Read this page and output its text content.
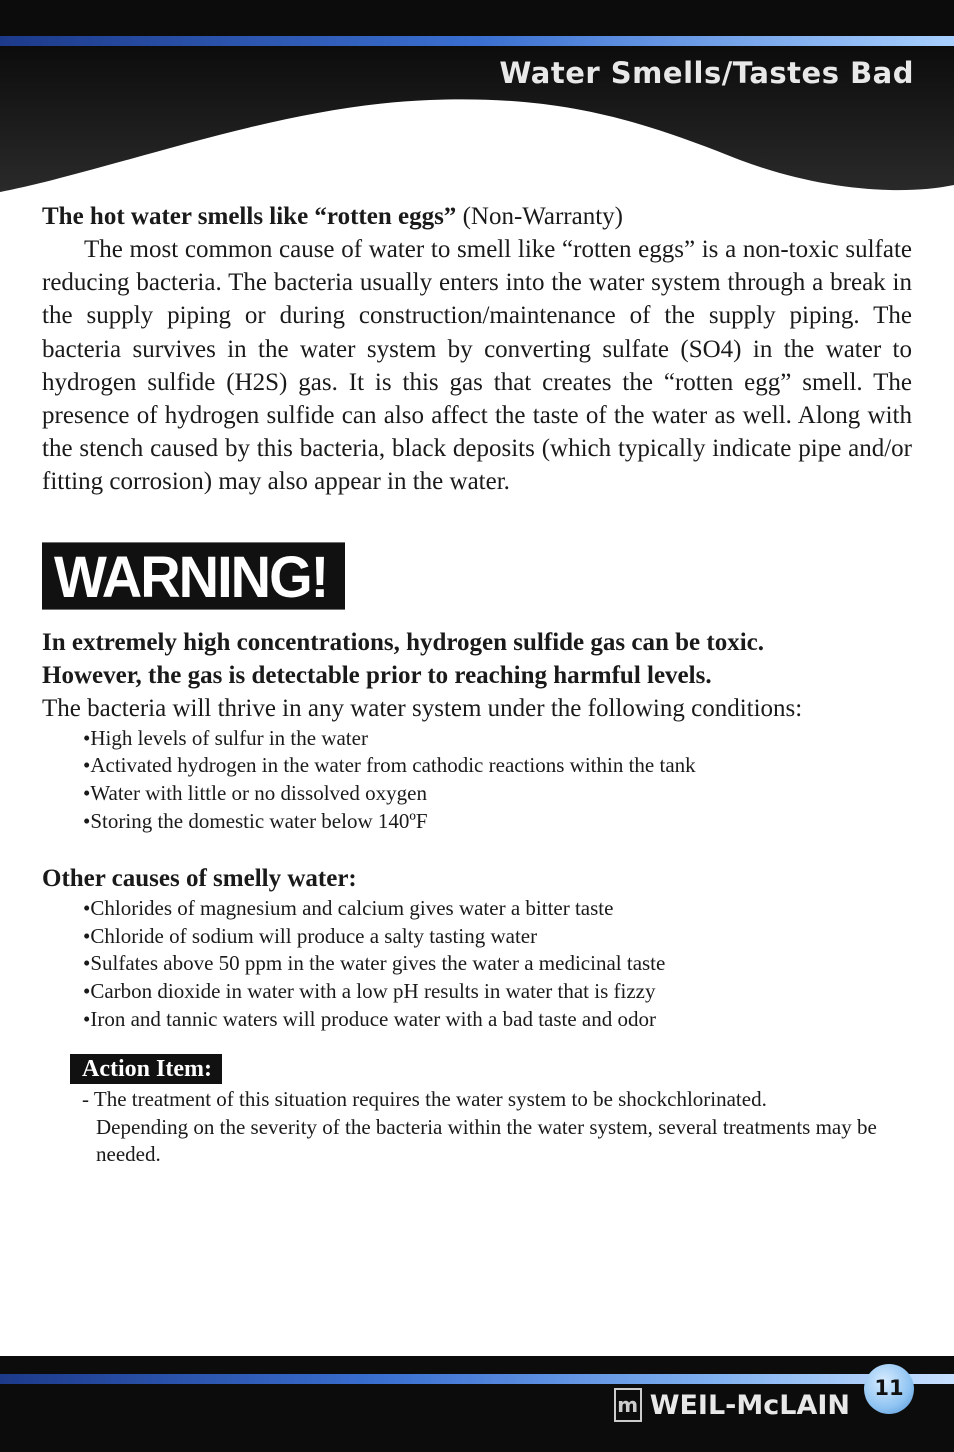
Water Smells/Tastes Bad

The hot water smells like “rotten eggs” (Non-Warranty)

The most common cause of water to smell like “rotten eggs” is a non-toxic sulfate reducing bacteria. The bacteria usually enters into the water system through a break in the supply piping or during construction/maintenance of the supply piping. The bacteria survives in the water system by converting sulfate (SO4) in the water to hydrogen sulfide (H2S) gas. It is this gas that creates the “rotten egg” smell. The presence of hydrogen sulfide can also affect the taste of the water as well. Along with the stench caused by this bacteria, black deposits (which typically indicate pipe and/or fitting corrosion) may also appear in the water.

WARNING!

In extremely high concentrations, hydrogen sulfide gas can be toxic.

However, the gas is detectable prior to reaching harmful levels.

The bacteria will thrive in any water system under the following conditions:

• High levels of sulfur in the water
• Activated hydrogen in the water from cathodic reactions within the tank
• Water with little or no dissolved oxygen
• Storing the domestic water below 140ºF

Other causes of smelly water:

• Chlorides of magnesium and calcium gives water a bitter taste
• Chloride of sodium will produce a salty tasting water
• Sulfates above 50 ppm in the water gives the water a medicinal taste
• Carbon dioxide in water with a low pH results in water that is fizzy
• Iron and tannic waters will produce water with a bad taste and odor
Action Item:
- The treatment of this situation requires the water system to be shockchlorinated.
Depending on the severity of the bacteria within the water system, several treatments may be needed.
m WEIL-McLAIN
11
